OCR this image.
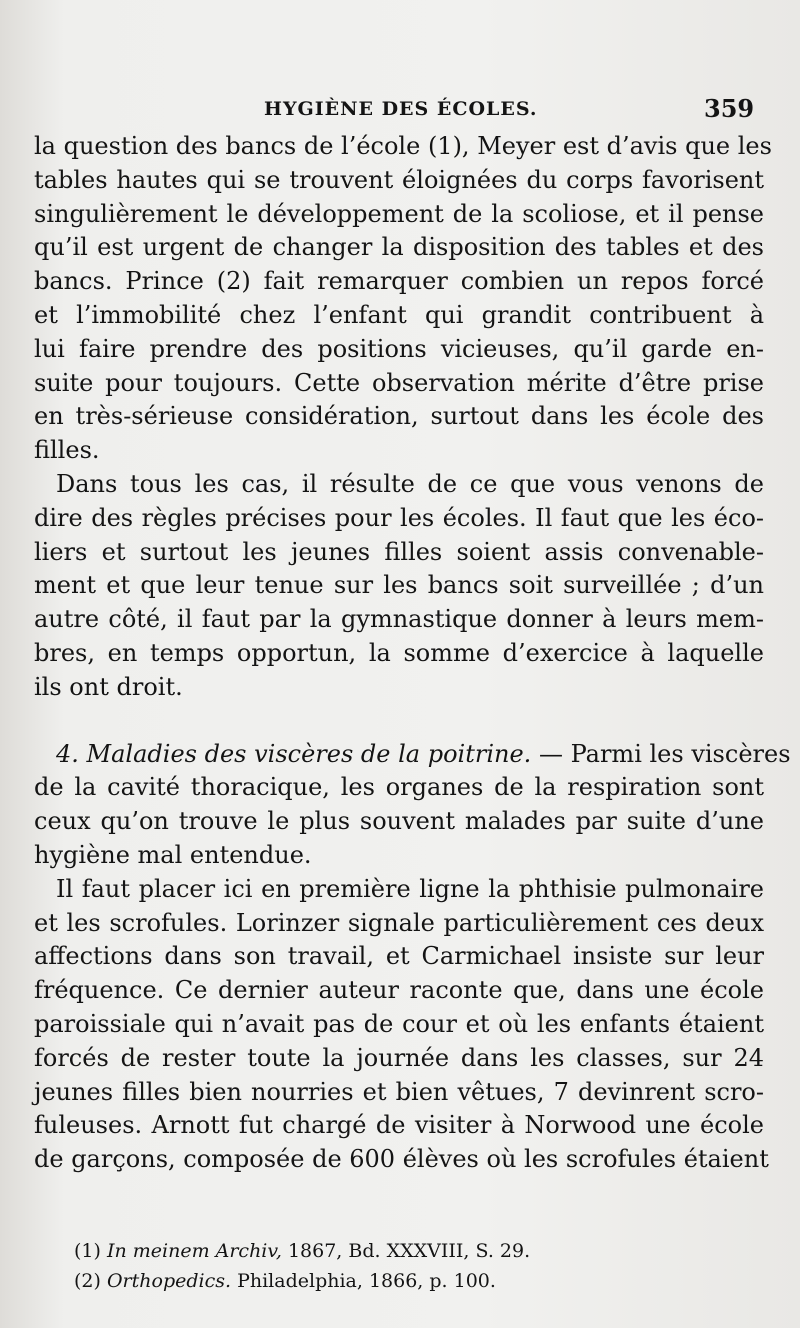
HYGIÈNE DES ÉCOLES.	359
la question des bancs de l’école (1), Meyer est d’avis que les
tables hautes qui se trouvent éloignées du corps favorisent
singulièrement le développement de la scoliose, et il pense
qu’il est urgent de changer la disposition des tables et des
bancs. Prince (2) fait remarquer combien un repos forcé
et l’immobilité chez l’enfant qui grandit contribuent à
lui faire prendre des positions vicieuses, qu’il garde en-
suite pour toujours. Cette observation mérite d’être prise
en très-sérieuse considération, surtout dans les école des
filles.
Dans tous les cas, il résulte de ce que vous venons de
dire des règles précises pour les écoles. Il faut que les éco-
liers et surtout les jeunes filles soient assis convenable-
ment et que leur tenue sur les bancs soit surveillée ; d’un
autre côté, il faut par la gymnastique donner à leurs mem-
bres, en temps opportun, la somme d’exercice à laquelle
ils ont droit.
4. Maladies des viscères de la poitrine. — Parmi les viscères
de la cavité thoracique, les organes de la respiration sont
ceux qu’on trouve le plus souvent malades par suite d’une
hygiène mal entendue.
Il faut placer ici en première ligne la phthisie pulmonaire
et les scrofules. Lorinzer signale particulièrement ces deux
affections dans son travail, et Carmichael insiste sur leur
fréquence. Ce dernier auteur raconte que, dans une école
paroissiale qui n’avait pas de cour et où les enfants étaient
forcés de rester toute la journée dans les classes, sur 24
jeunes filles bien nourries et bien vêtues, 7 devinrent scro-
fuleuses. Arnott fut chargé de visiter à Norwood une école
de garçons, composée de 600 élèves où les scrofules étaient
(1) In meinem Archiv, 1867, Bd. XXXVIII, S. 29.
(2) Orthopedics. Philadelphia, 1866, p. 100.
